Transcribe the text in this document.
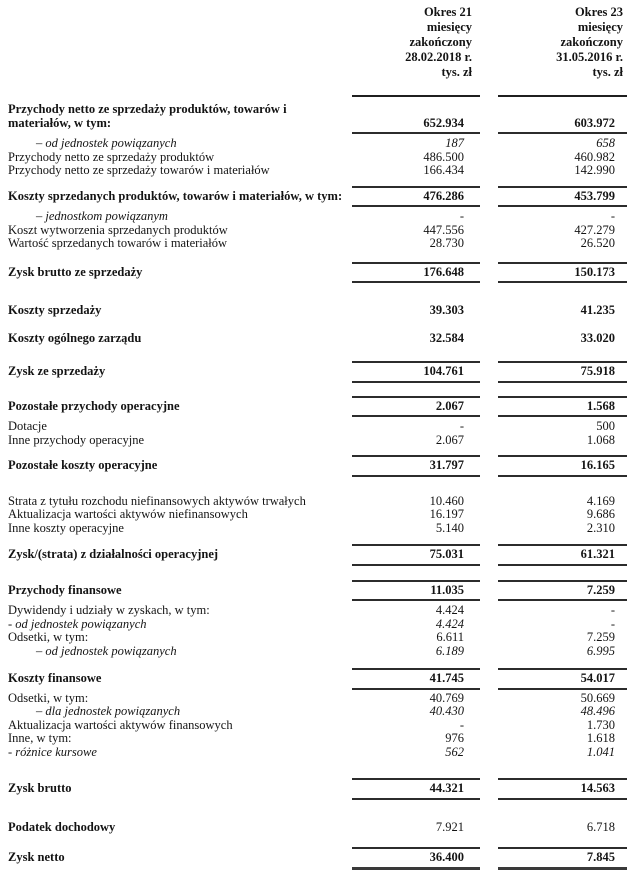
Okres 21
miesięcy
zakończony
28.02.2018 r.
tys. zł
Okres 23
miesięcy
zakończony
31.05.2016 r.
tys. zł
Przychody netto ze sprzedaży produktów, towarów i materiałów, w tym:	652.934	603.972
– od jednostek powiązanych	187	658
Przychody netto ze sprzedaży produktów	486.500	460.982
Przychody netto ze sprzedaży towarów i materiałów	166.434	142.990
Koszty sprzedanych produktów, towarów i materiałów, w tym:	476.286	453.799
– jednostkom powiązanym	-	-
Koszt wytworzenia sprzedanych produktów	447.556	427.279
Wartość sprzedanych towarów i materiałów	28.730	26.520
Zysk brutto ze sprzedaży	176.648	150.173
Koszty sprzedaży	39.303	41.235
Koszty ogólnego zarządu	32.584	33.020
Zysk ze sprzedaży	104.761	75.918
Pozostałe przychody operacyjne	2.067	1.568
Dotacje	-	500
Inne przychody operacyjne	2.067	1.068
Pozostałe koszty operacyjne	31.797	16.165
Strata z tytułu rozchodu niefinansowych aktywów trwałych	10.460	4.169
Aktualizacja wartości aktywów niefinansowych	16.197	9.686
Inne koszty operacyjne	5.140	2.310
Zysk/(strata) z działalności operacyjnej	75.031	61.321
Przychody finansowe	11.035	7.259
Dywidendy i udziały w zyskach, w tym:	4.424	-
- od jednostek powiązanych	4.424	-
Odsetki, w tym:	6.611	7.259
– od jednostek powiązanych	6.189	6.995
Koszty finansowe	41.745	54.017
Odsetki, w tym:	40.769	50.669
– dla jednostek powiązanych	40.430	48.496
Aktualizacja wartości aktywów finansowych	-	1.730
Inne, w tym:	976	1.618
- różnice kursowe	562	1.041
Zysk brutto	44.321	14.563
Podatek dochodowy	7.921	6.718
Zysk netto	36.400	7.845
